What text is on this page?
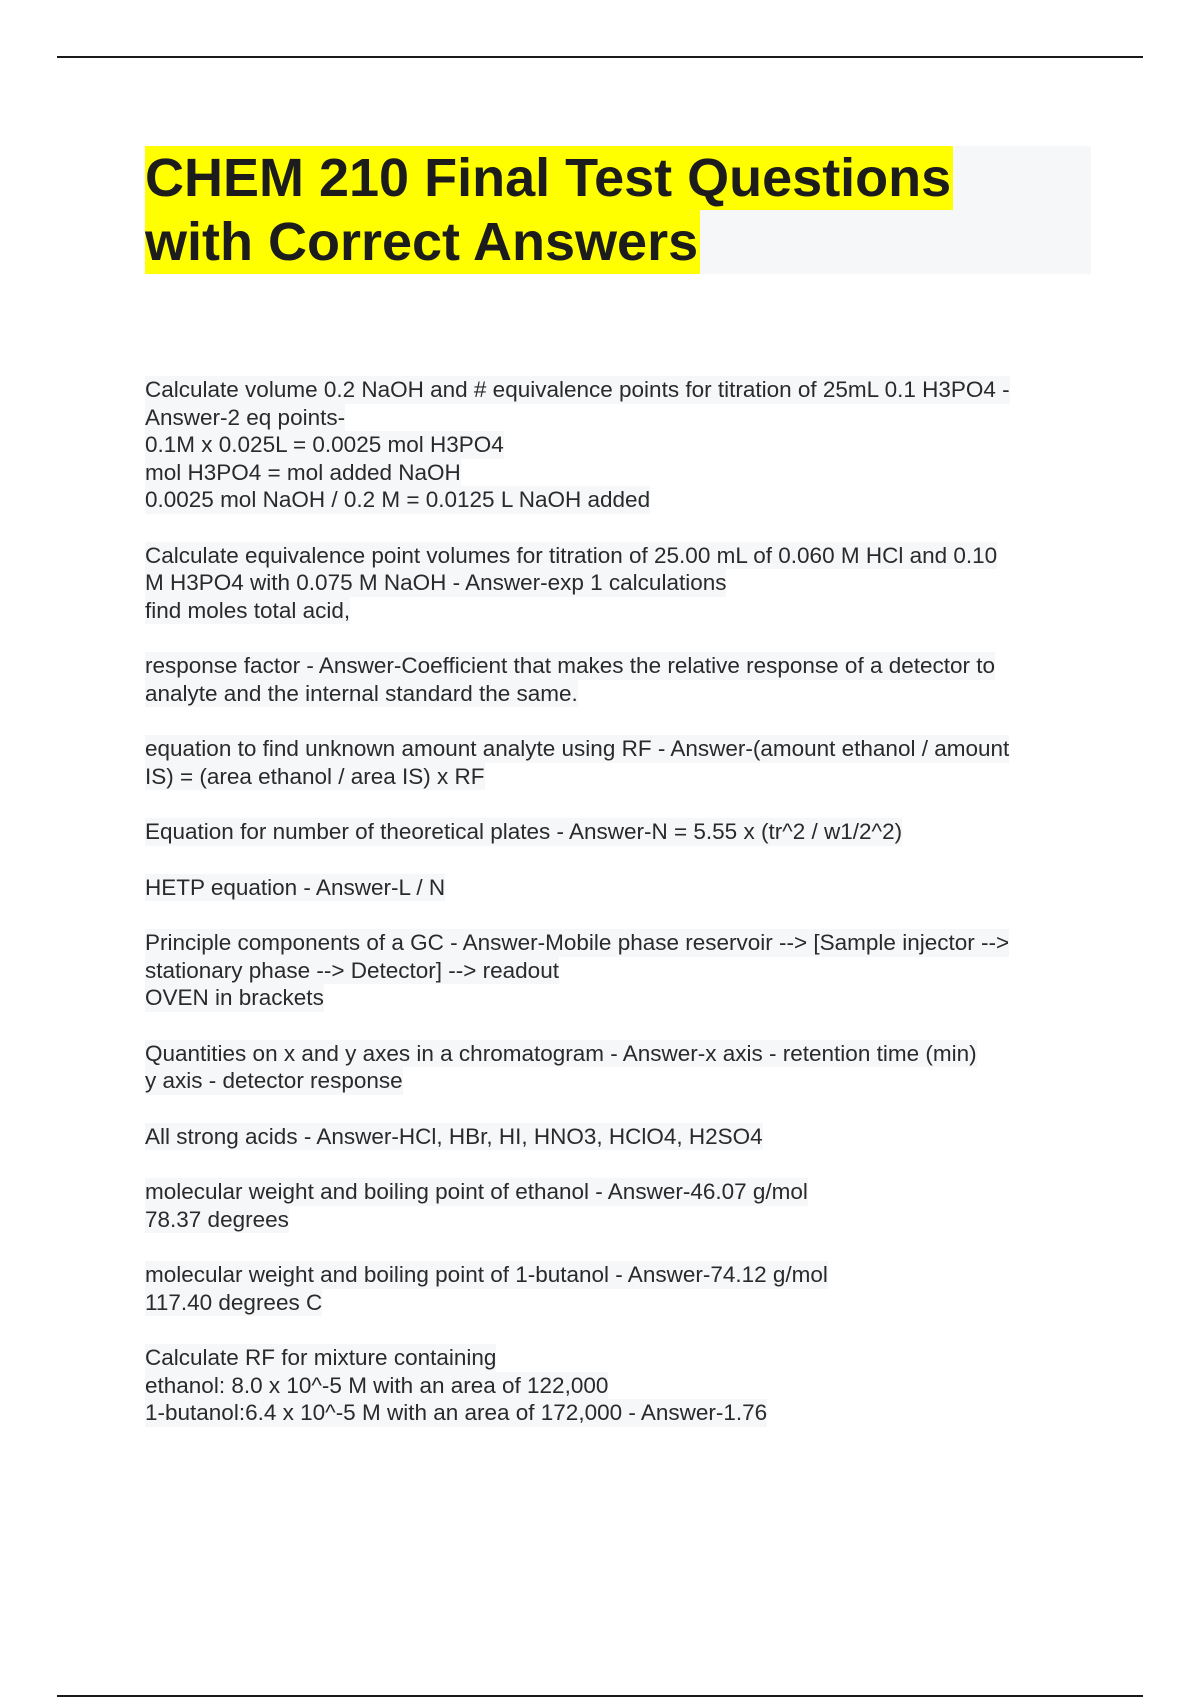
CHEM 210 Final Test Questions
with Correct Answers
Calculate volume 0.2 NaOH and # equivalence points for titration of 25mL 0.1 H3PO4 -
Answer-2 eq points-
0.1M x 0.025L = 0.0025 mol H3PO4
mol H3PO4 = mol added NaOH
0.0025 mol NaOH / 0.2 M = 0.0125 L NaOH added
Calculate equivalence point volumes for titration of 25.00 mL of 0.060 M HCl and 0.10
M H3PO4 with 0.075 M NaOH - Answer-exp 1 calculations
find moles total acid,
response factor - Answer-Coefficient that makes the relative response of a detector to
analyte and the internal standard the same.
equation to find unknown amount analyte using RF - Answer-(amount ethanol / amount
IS) = (area ethanol / area IS) x RF
Equation for number of theoretical plates - Answer-N = 5.55 x (tr^2 / w1/2^2)
HETP equation - Answer-L / N
Principle components of a GC - Answer-Mobile phase reservoir --> [Sample injector -->
stationary phase --> Detector] --> readout
OVEN in brackets
Quantities on x and y axes in a chromatogram - Answer-x axis - retention time (min)
y axis - detector response
All strong acids - Answer-HCl, HBr, HI, HNO3, HClO4, H2SO4
molecular weight and boiling point of ethanol - Answer-46.07 g/mol
78.37 degrees
molecular weight and boiling point of 1-butanol - Answer-74.12 g/mol
117.40 degrees C
Calculate RF for mixture containing
ethanol: 8.0 x 10^-5 M with an area of 122,000
1-butanol:6.4 x 10^-5 M with an area of 172,000 - Answer-1.76
